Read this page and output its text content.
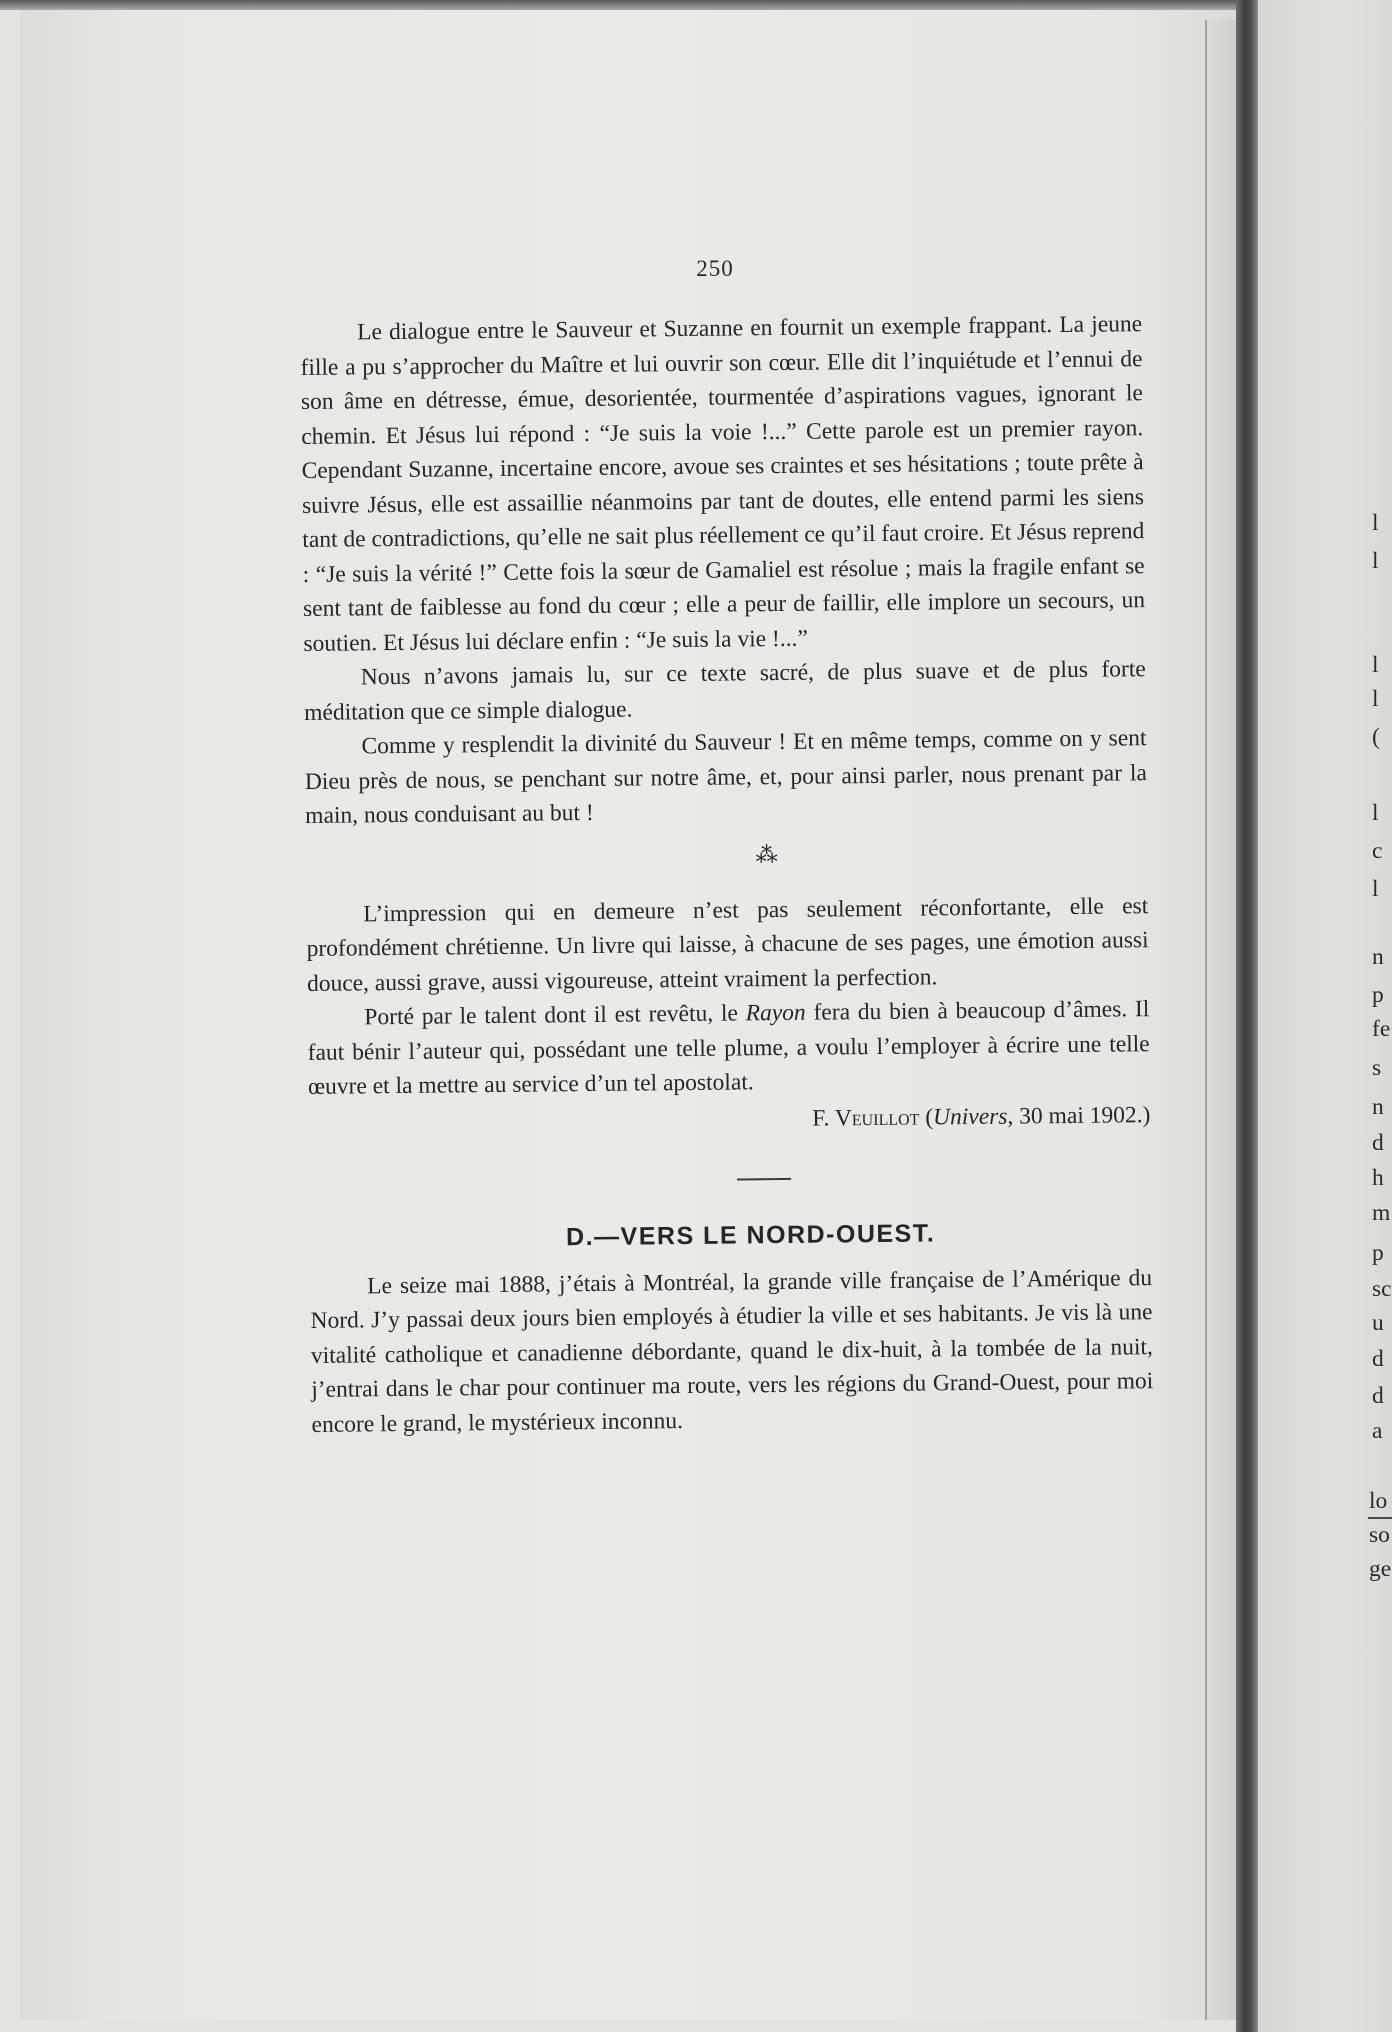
250

Le dialogue entre le Sauveur et Suzanne en fournit un exemple frappant. La jeune fille a pu s’approcher du Maître et lui ouvrir son cœur. Elle dit l’inquiétude et l’ennui de son âme en détresse, émue, desorientée, tourmentée d’aspirations vagues, ignorant le chemin. Et Jésus lui répond : “Je suis la voie !...” Cette parole est un premier rayon. Cependant Suzanne, incertaine encore, avoue ses craintes et ses hésitations ; toute prête à suivre Jésus, elle est assaillie néanmoins par tant de doutes, elle entend parmi les siens tant de contradictions, qu’elle ne sait plus réellement ce qu’il faut croire. Et Jésus reprend : “Je suis la vérité !” Cette fois la sœur de Gamaliel est résolue ; mais la fragile enfant se sent tant de faiblesse au fond du cœur ; elle a peur de faillir, elle implore un secours, un soutien. Et Jésus lui déclare enfin : “Je suis la vie !...”

Nous n’avons jamais lu, sur ce texte sacré, de plus suave et de plus forte méditation que ce simple dialogue.

Comme y resplendit la divinité du Sauveur ! Et en même temps, comme on y sent Dieu près de nous, se penchant sur notre âme, et, pour ainsi parler, nous prenant par la main, nous conduisant au but !

⁂

L’impression qui en demeure n’est pas seulement réconfortante, elle est profondément chrétienne. Un livre qui laisse, à chacune de ses pages, une émotion aussi douce, aussi grave, aussi vigoureuse, atteint vraiment la perfection.

Porté par le talent dont il est revêtu, le Rayon fera du bien à beaucoup d’âmes. Il faut bénir l’auteur qui, possédant une telle plume, a voulu l’employer à écrire une telle œuvre et la mettre au service d’un tel apostolat.

F. Veuillot (Univers, 30 mai 1902.)
D.—VERS LE NORD-OUEST.

Le seize mai 1888, j’étais à Montréal, la grande ville française de l’Amérique du Nord. J’y passai deux jours bien employés à étudier la ville et ses habitants. Je vis là une vitalité catholique et canadienne débordante, quand le dix-huit, à la tombée de la nuit, j’entrai dans le char pour continuer ma route, vers les régions du Grand-Ouest, pour moi encore le grand, le mystérieux inconnu.

l
l
l
l
(
l
c
l
n
p
fe
s
n
d
h
m
p
sc
u
d
d
a
lo
so
ge
